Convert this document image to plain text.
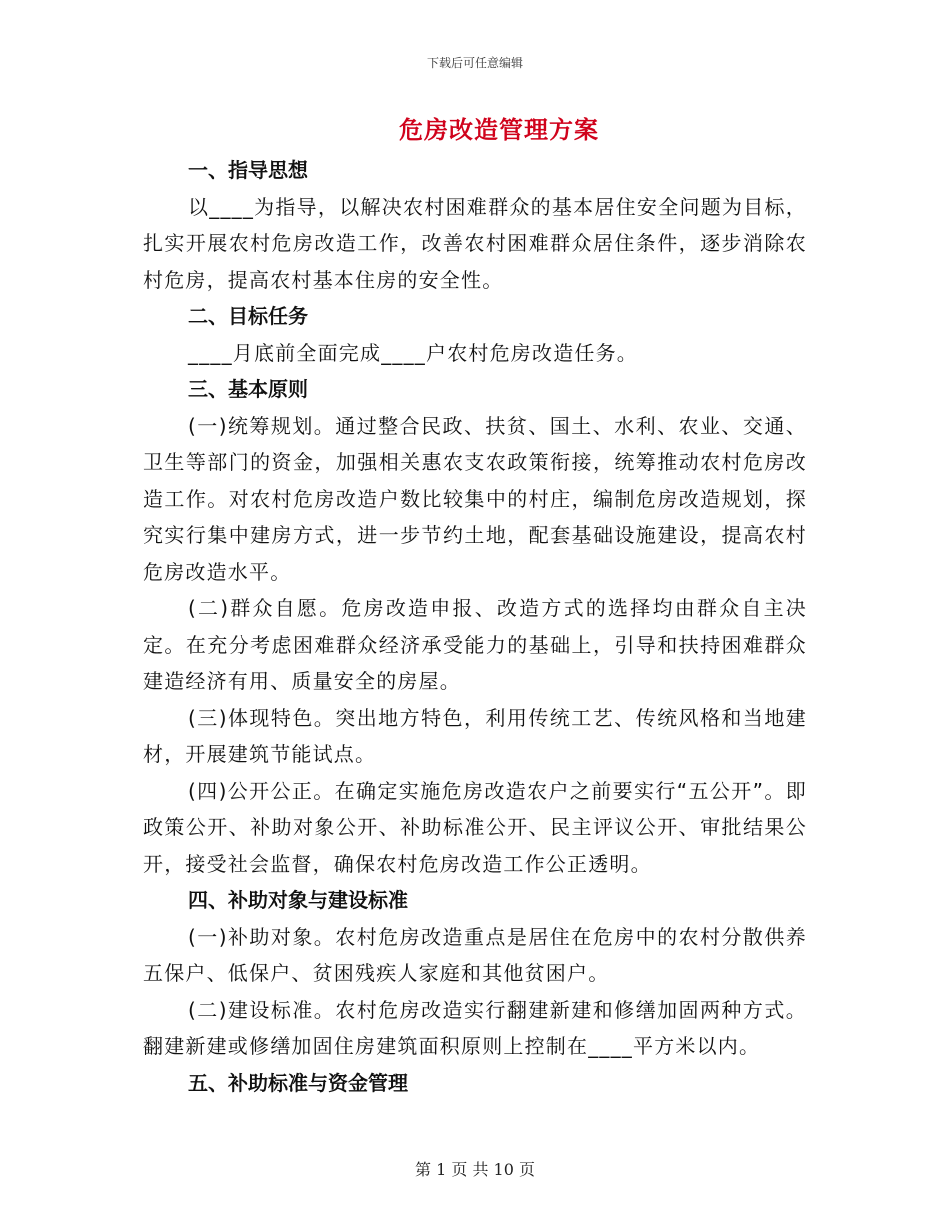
下载后可任意编辑
危房改造管理方案
一、指导思想

以____为指导，以解决农村困难群众的基本居住安全问题为目标，扎实开展农村危房改造工作，改善农村困难群众居住条件，逐步消除农村危房，提高农村基本住房的安全性。

二、目标任务

____月底前全面完成____户农村危房改造任务。

三、基本原则

(一)统筹规划。通过整合民政、扶贫、国土、水利、农业、交通、卫生等部门的资金，加强相关惠农支农政策衔接，统筹推动农村危房改造工作。对农村危房改造户数比较集中的村庄，编制危房改造规划，探究实行集中建房方式，进一步节约土地，配套基础设施建设，提高农村危房改造水平。

(二)群众自愿。危房改造申报、改造方式的选择均由群众自主决定。在充分考虑困难群众经济承受能力的基础上，引导和扶持困难群众建造经济有用、质量安全的房屋。

(三)体现特色。突出地方特色，利用传统工艺、传统风格和当地建材，开展建筑节能试点。

(四)公开公正。在确定实施危房改造农户之前要实行“五公开”。即政策公开、补助对象公开、补助标准公开、民主评议公开、审批结果公开，接受社会监督，确保农村危房改造工作公正透明。

四、补助对象与建设标准

(一)补助对象。农村危房改造重点是居住在危房中的农村分散供养五保户、低保户、贫困残疾人家庭和其他贫困户。

(二)建设标准。农村危房改造实行翻建新建和修缮加固两种方式。翻建新建或修缮加固住房建筑面积原则上控制在____平方米以内。

五、补助标准与资金管理
第 1 页 共 10 页
